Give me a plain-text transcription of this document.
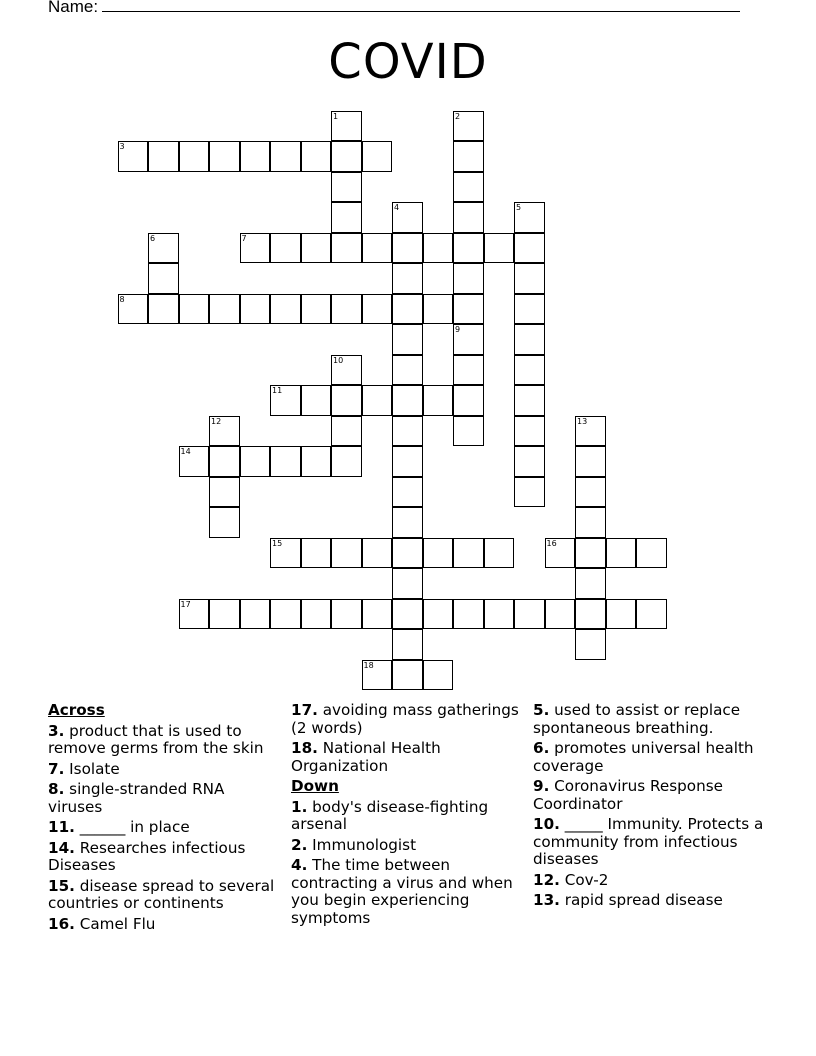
Name:
COVID
1	2
9
3
4	5
6	7
8
10
11
12	13
14
15	16
17
18
Across
3. product that is used to remove germs from the skin
7. Isolate
8. single-stranded RNA viruses
11. ______ in place
14. Researches infectious Diseases
15. disease spread to several countries or continents
16. Camel Flu
17. avoiding mass gatherings (2 words)
18. National Health Organization
Down
1. body's disease-fighting arsenal
2. Immunologist
4. The time between contracting a virus and when you begin experiencing symptoms
5. used to assist or replace spontaneous breathing.
6. promotes universal health coverage
9. Coronavirus Response Coordinator
10. _____ Immunity. Protects a community from infectious diseases
12. Cov-2
13. rapid spread disease
